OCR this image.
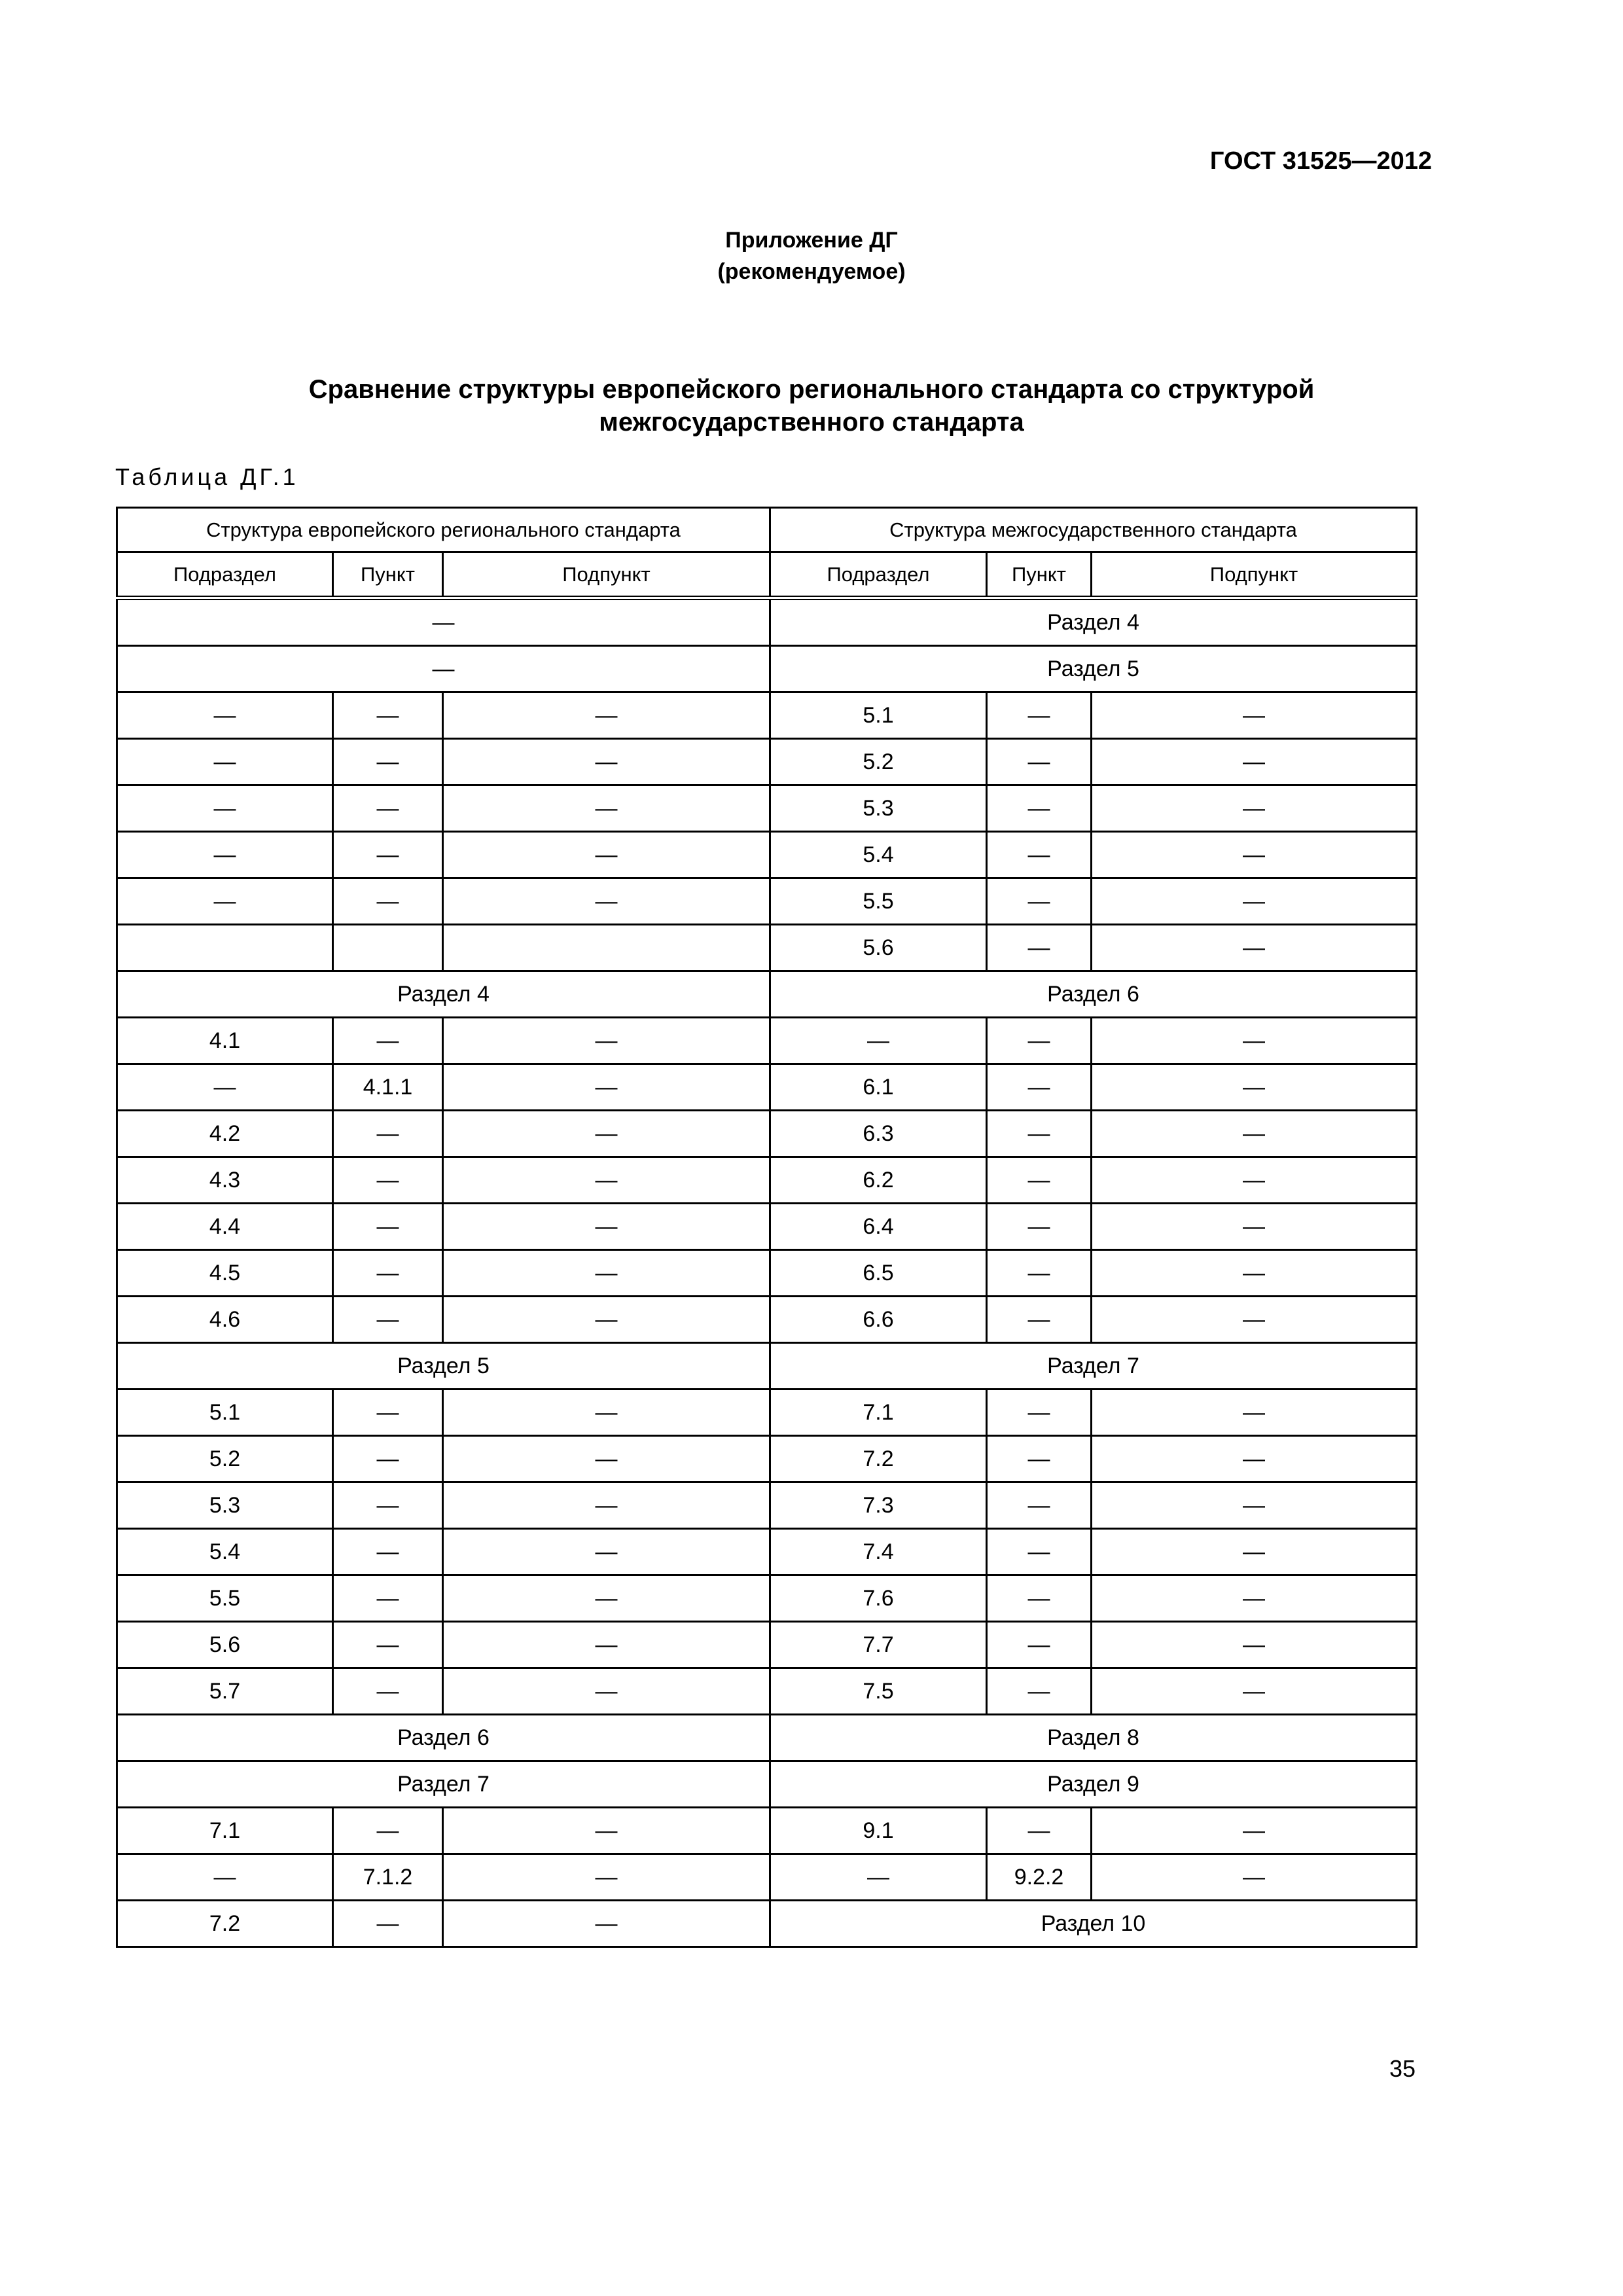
ГОСТ 31525—2012
Приложение ДГ
(рекомендуемое)
Сравнение структуры европейского регионального стандарта со структурой
межгосударственного стандарта
Таблица ДГ.1
Структура европейского регионального стандарта			Структура межгосударственного стандарта		
Подраздел	Пункт	Подпункт	Подраздел	Пункт	Подпункт
—			Раздел 4		
—			Раздел 5		
—	—	—	5.1	—	—
—	—	—	5.2	—	—
—	—	—	5.3	—	—
—	—	—	5.4	—	—
—	—	—	5.5	—	—
			5.6	—	—
Раздел 4			Раздел 6		
4.1	—	—	—	—	—
—	4.1.1	—	6.1	—	—
4.2	—	—	6.3	—	—
4.3	—	—	6.2	—	—
4.4	—	—	6.4	—	—
4.5	—	—	6.5	—	—
4.6	—	—	6.6	—	—
Раздел 5			Раздел 7		
5.1	—	—	7.1	—	—
5.2	—	—	7.2	—	—
5.3	—	—	7.3	—	—
5.4	—	—	7.4	—	—
5.5	—	—	7.6	—	—
5.6	—	—	7.7	—	—
5.7	—	—	7.5	—	—
Раздел 6			Раздел 8		
Раздел 7			Раздел 9		
7.1	—	—	9.1	—	—
—	7.1.2	—	—	9.2.2	—
7.2	—	—	Раздел 10		
35
